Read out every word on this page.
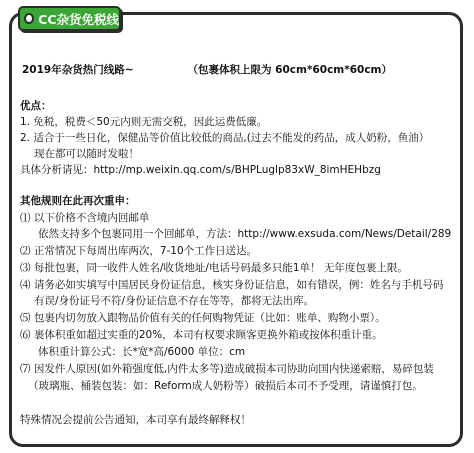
CC杂货免税线
2019年杂货热门线路~	（包裹体积上限为 60cm*60cm*60cm）
优点：
1. 免税，税费＜50元内则无需交税，因此运费低廉。
2. 适合于一些日化，保健品等价值比较低的商品,(过去不能发的药品，成人奶粉，鱼油）
现在都可以随时发啦！
具体分析请见：http://mp.weixin.qq.com/s/BHPLuglp83xW_8imHEHbzg
其他规则在此再次重申：
⑴ 以下价格不含境内回邮单
依然支持多个包裹同用一个回邮单，方法：http://www.exsuda.com/News/Detail/289
⑵ 正常情况下每周出库两次，7-10个工作日送达。
⑶ 每批包裹，同一收件人姓名/收货地址/电话号码最多只能1单！ 无年度包裹上限。
⑷ 请务必如实填写中国居民身份证信息，核实身份证信息，如有错误，例：姓名与手机号码
有误/身份证号不符/身份证信息不存在等等，都将无法出库。
⑸ 包裹内切勿放入跟物品价值有关的任何购物凭证（比如：账单、购物小票）。
⑹ 裹体积重如超过实重的20%，本司有权要求顾客更换外箱或按体积重计重。
体积重计算公式：长*宽*高/6000 单位：cm
⑺ 因发件人原因(如外箱强度低,内件太多等)造成破损本司协助向国内快递索赔，易碎包装
（玻璃瓶、桶装包装：如：Reform成人奶粉等）破损后本司不予受理，请谨慎打包。
特殊情况会提前公告通知，本司享有最终解释权！
